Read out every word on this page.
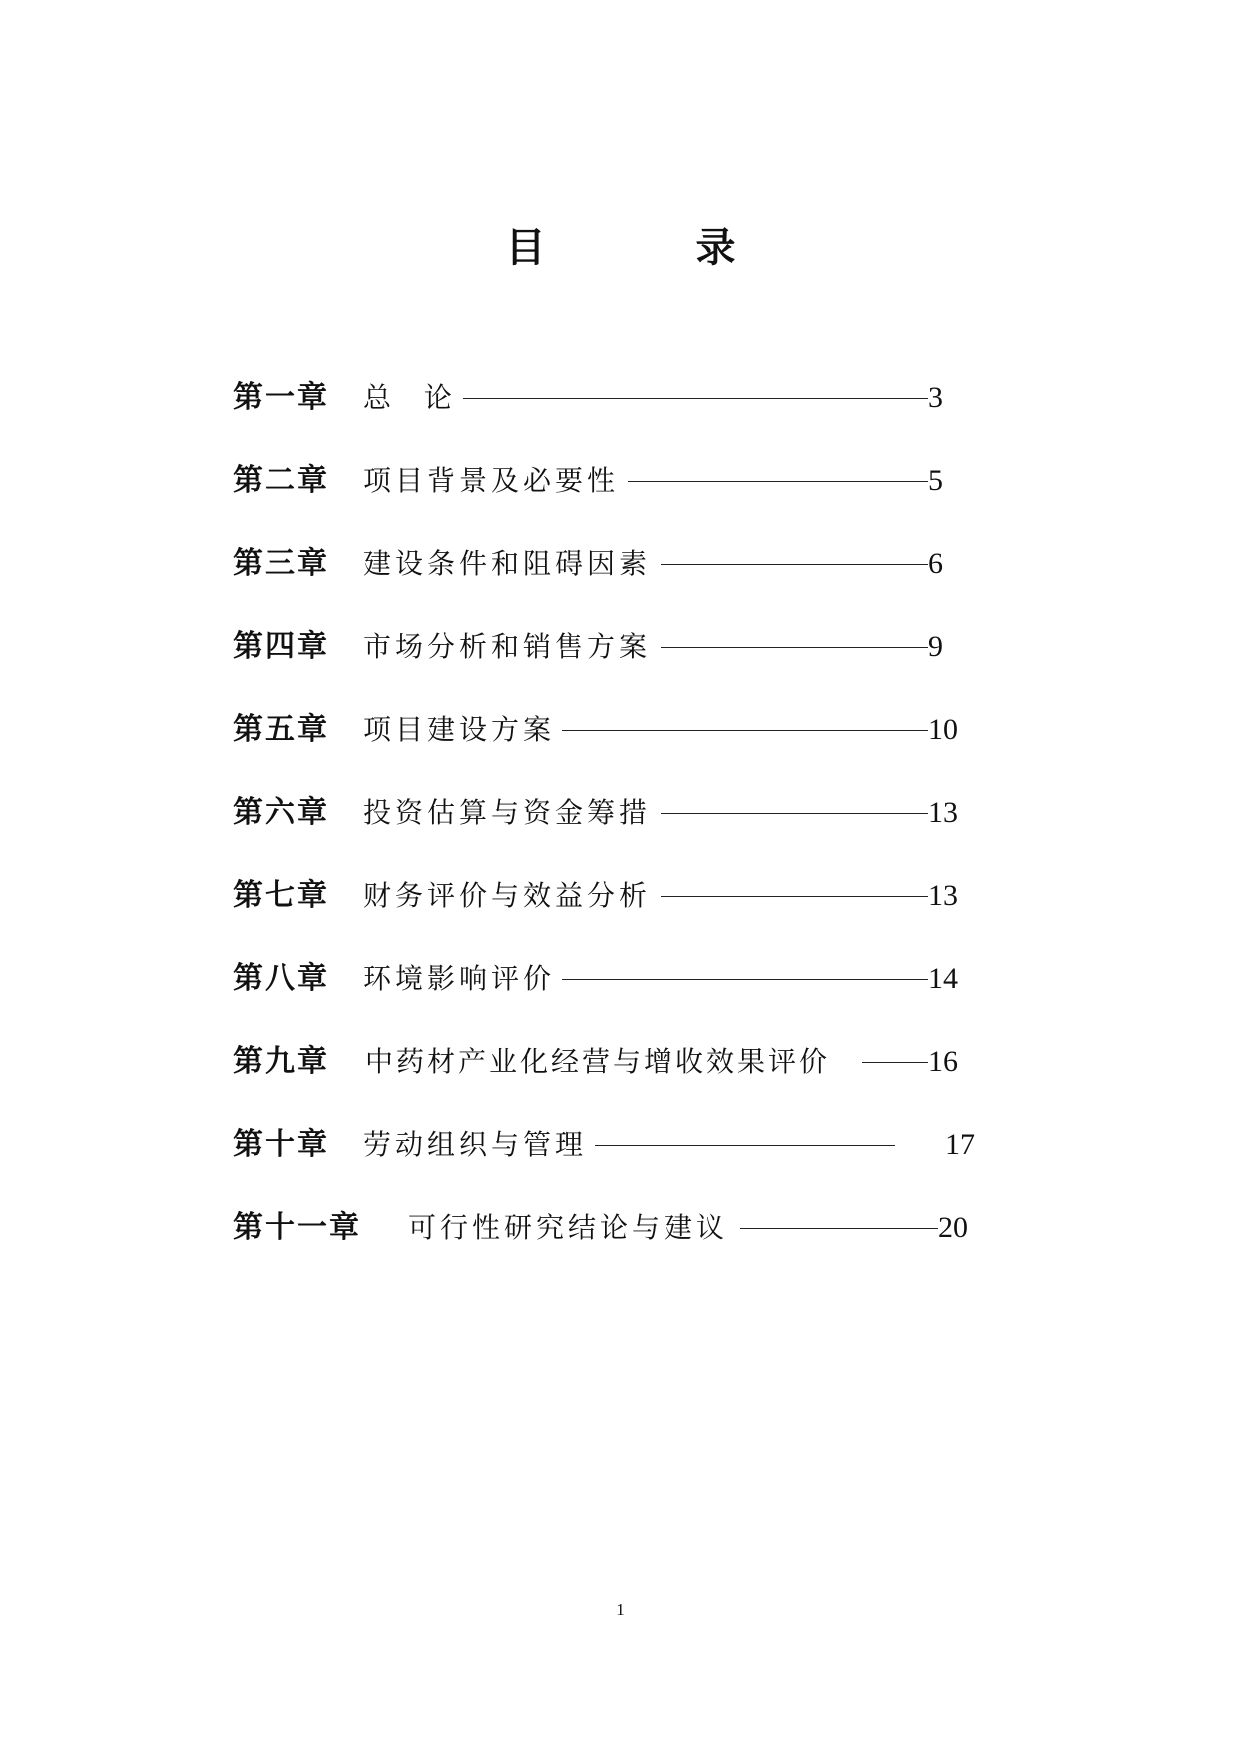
目 录
第一章 总 论	3
第二章 项目背景及必要性	5
第三章 建设条件和阻碍因素	6
第四章 市场分析和销售方案	9
第五章 项目建设方案	10
第六章 投资估算与资金筹措	13
第七章 财务评价与效益分析	13
第八章 环境影响评价	14
第九章 中药材产业化经营与增收效果评价	16
第十章 劳动组织与管理	17
第十一章 可行性研究结论与建议	20
1
